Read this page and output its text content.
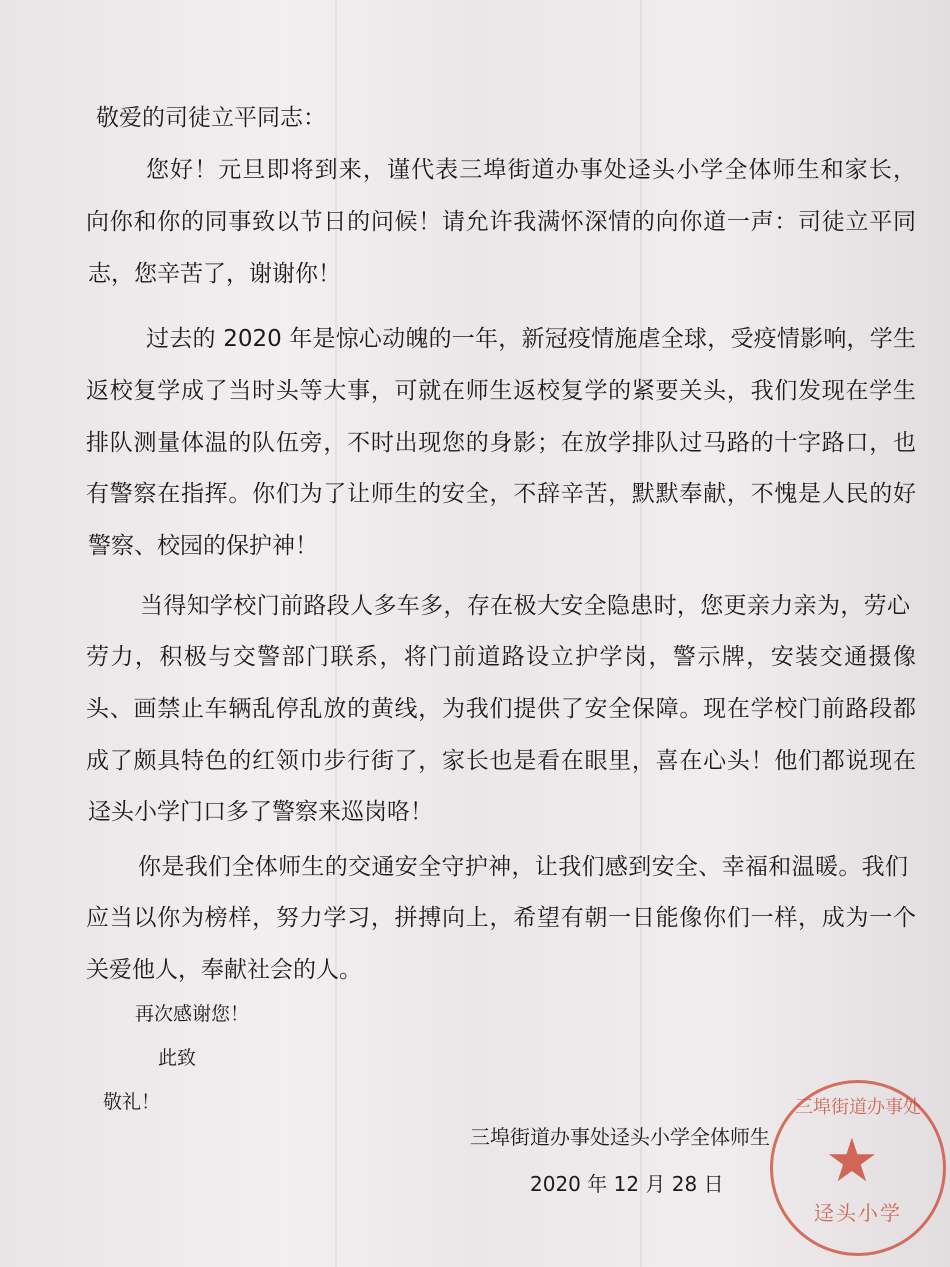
敬爱的司徒立平同志：
您好！元旦即将到来，谨代表三埠街道办事处迳头小学全体师生和家长，
向你和你的同事致以节日的问候！请允许我满怀深情的向你道一声：司徒立平同
志，您辛苦了，谢谢你！
过去的 2020 年是惊心动魄的一年，新冠疫情施虐全球，受疫情影响，学生
返校复学成了当时头等大事，可就在师生返校复学的紧要关头，我们发现在学生
排队测量体温的队伍旁，不时出现您的身影；在放学排队过马路的十字路口，也
有警察在指挥。你们为了让师生的安全，不辞辛苦，默默奉献，不愧是人民的好
警察、校园的保护神！
当得知学校门前路段人多车多，存在极大安全隐患时，您更亲力亲为，劳心
劳力，积极与交警部门联系，将门前道路设立护学岗，警示牌，安装交通摄像
头、画禁止车辆乱停乱放的黄线，为我们提供了安全保障。现在学校门前路段都
成了颇具特色的红领巾步行街了，家长也是看在眼里，喜在心头！他们都说现在
迳头小学门口多了警察来巡岗咯！
你是我们全体师生的交通安全守护神，让我们感到安全、幸福和温暖。我们
应当以你为榜样，努力学习，拼搏向上，希望有朝一日能像你们一样，成为一个
关爱他人，奉献社会的人。
再次感谢您！
此致
敬礼！	三埠街道办事处
★
迳头小学
三埠街道办事处迳头小学全体师生
2020 年 12 月 28 日
